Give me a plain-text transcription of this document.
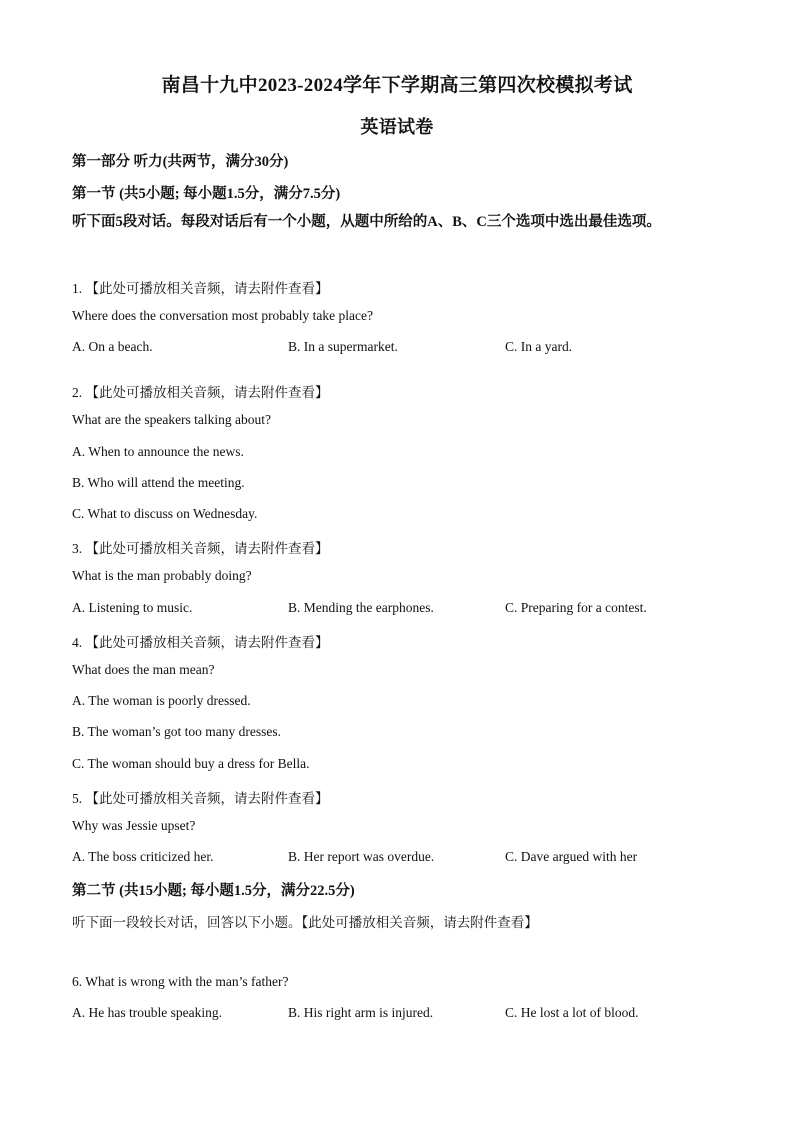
南昌十九中2023-2024学年下学期高三第四次校模拟考试
英语试卷
第一部分 听力(共两节，满分30分)
第一节 (共5小题; 每小题1.5分，满分7.5分)
听下面5段对话。每段对话后有一个小题，从题中所给的A、B、C三个选项中选出最佳选项。
1. 【此处可播放相关音频，请去附件查看】
Where does the conversation most probably take place?
A. On a beach.	B. In a supermarket.	C. In a yard.
2. 【此处可播放相关音频，请去附件查看】
What are the speakers talking about?
A. When to announce the news.
B. Who will attend the meeting.
C. What to discuss on Wednesday.
3. 【此处可播放相关音频，请去附件查看】
What is the man probably doing?
A. Listening to music.	B. Mending the earphones.	C. Preparing for a contest.
4. 【此处可播放相关音频，请去附件查看】
What does the man mean?
A. The woman is poorly dressed.
B. The woman’s got too many dresses.
C. The woman should buy a dress for Bella.
5. 【此处可播放相关音频，请去附件查看】
Why was Jessie upset?
A. The boss criticized her.	B. Her report was overdue.	C. Dave argued with her
第二节 (共15小题; 每小题1.5分，满分22.5分)
听下面一段较长对话，回答以下小题。【此处可播放相关音频，请去附件查看】
6. What is wrong with the man’s father?
A. He has trouble speaking.	B. His right arm is injured.	C. He lost a lot of blood.
